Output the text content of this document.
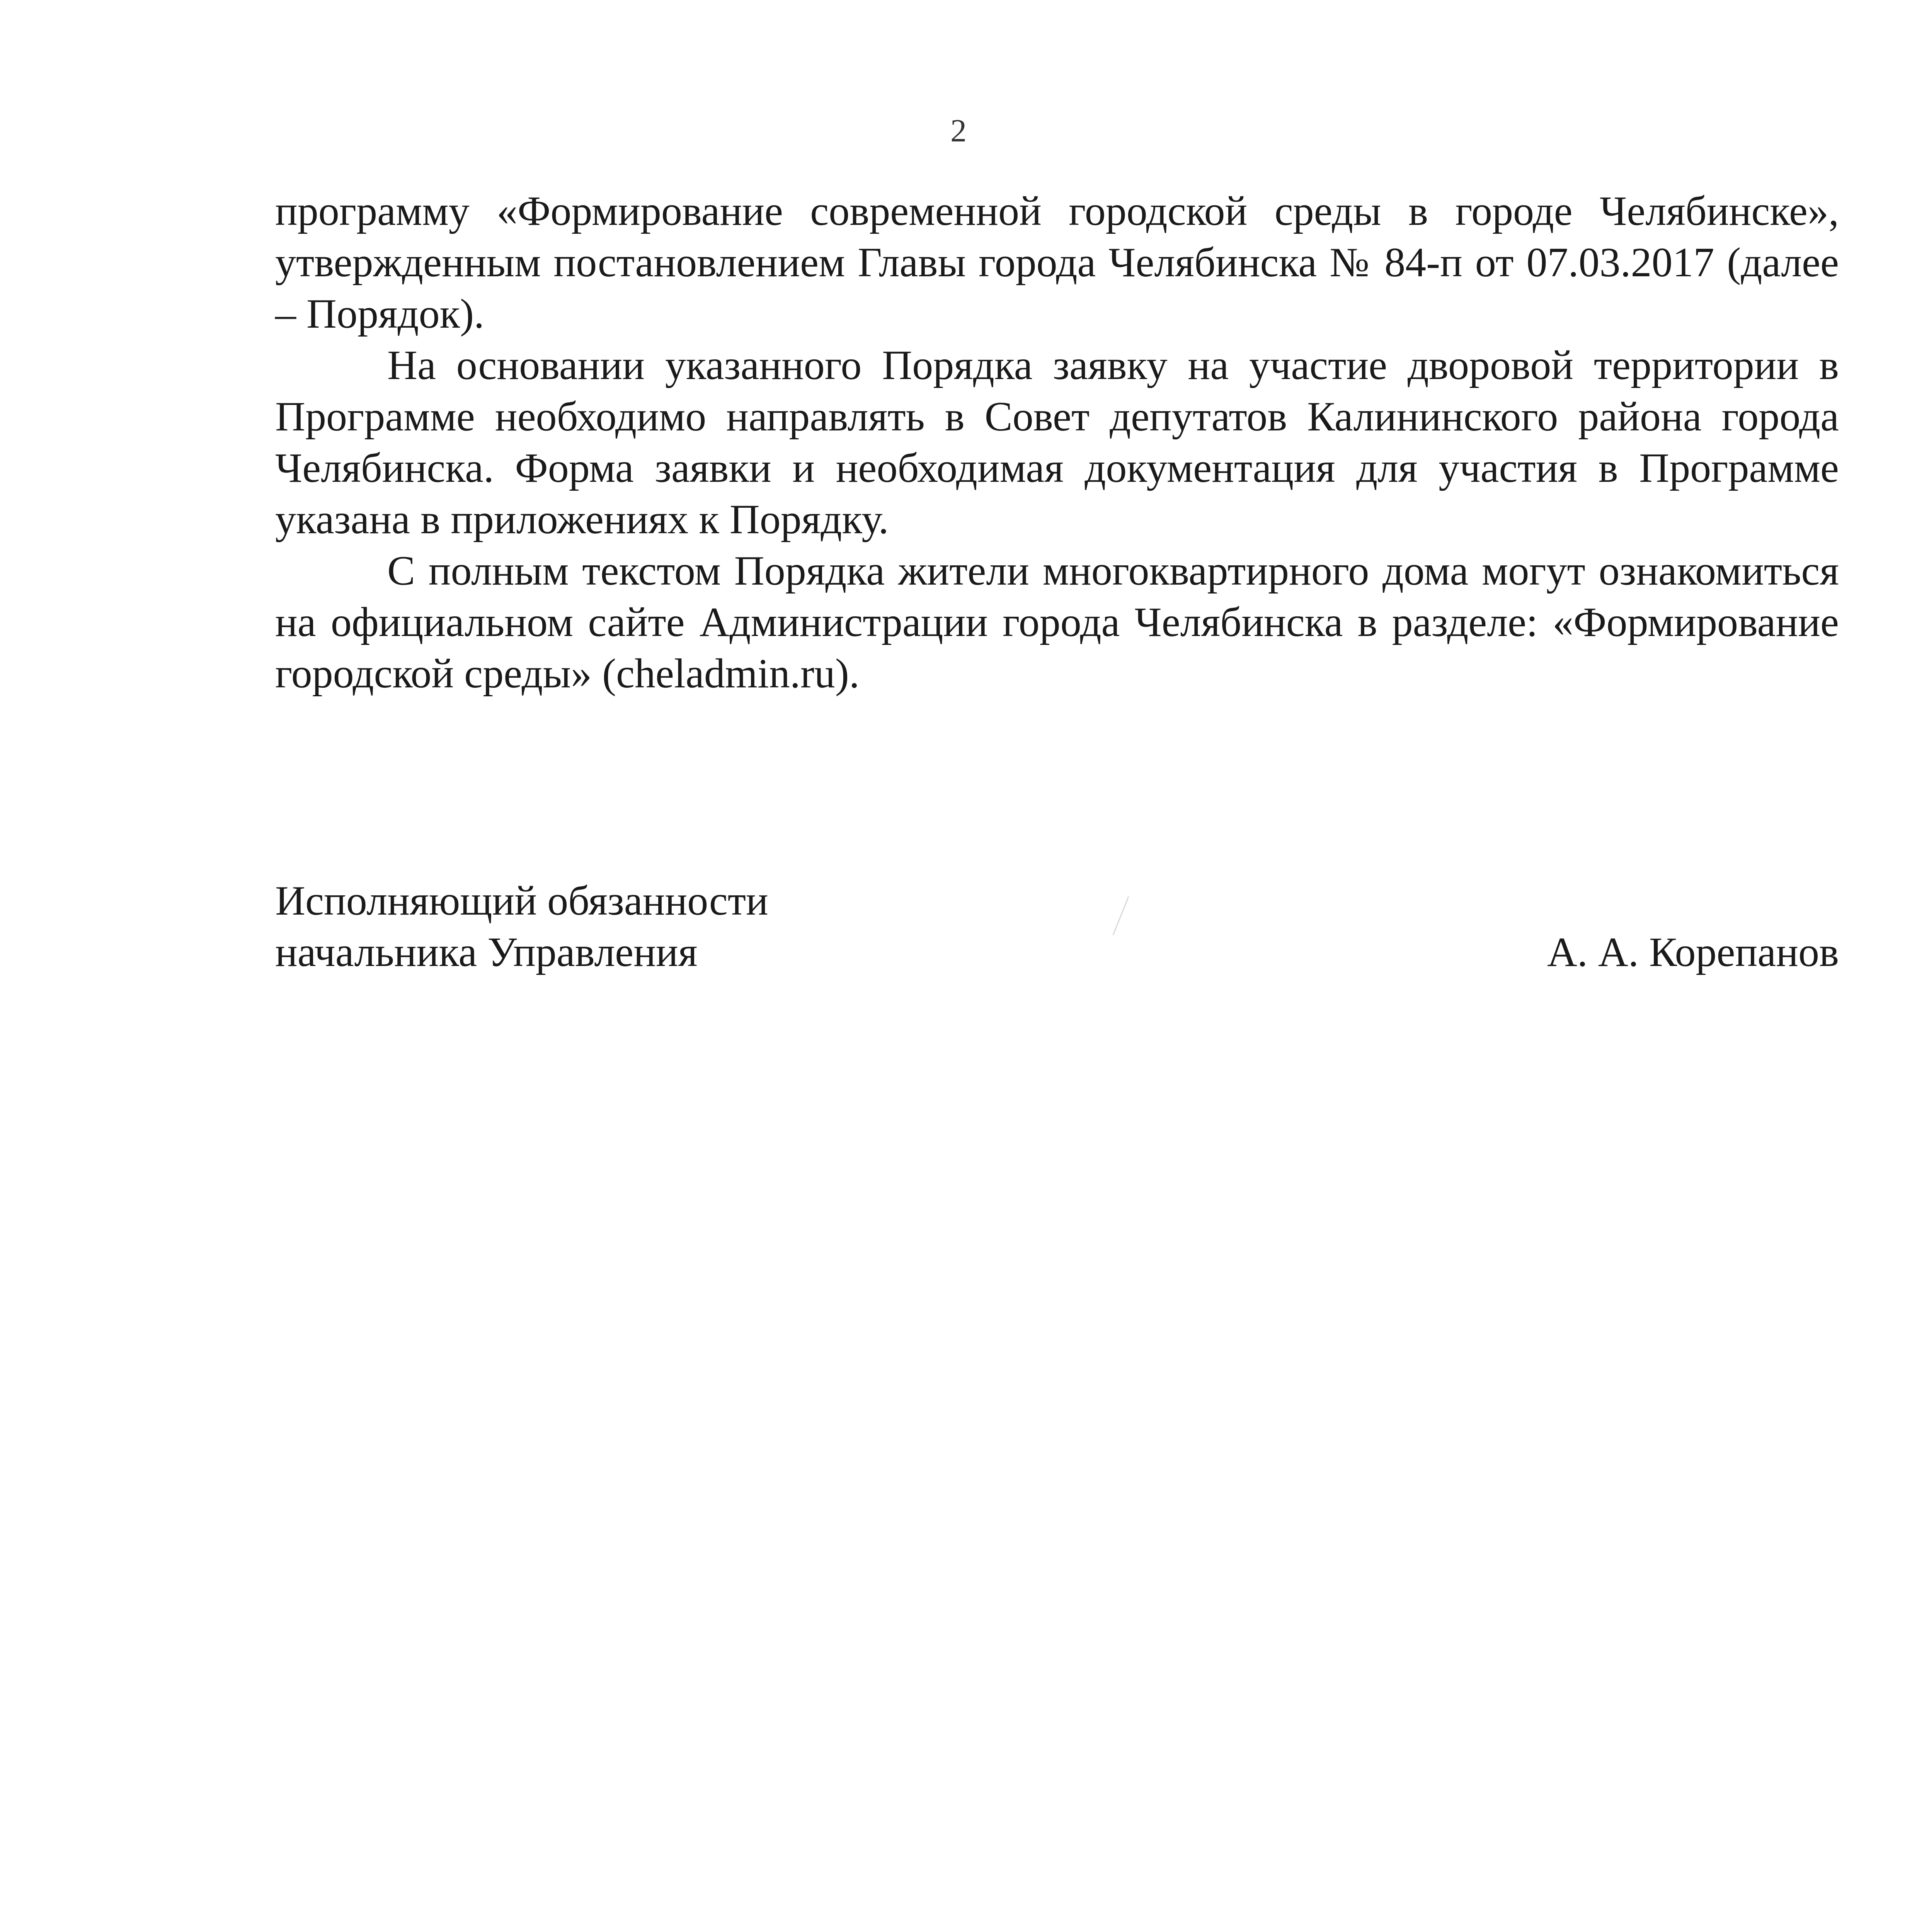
2

программу «Формирование современной городской среды в городе Челябинске», утвержденным постановлением Главы города Челябинска № 84-п от 07.03.2017 (далее – Порядок).

На основании указанного Порядка заявку на участие дворовой территории в Программе необходимо направлять в Совет депутатов Калининского района города Челябинска. Форма заявки и необходимая документация для участия в Программе указана в приложениях к Порядку.

С полным текстом Порядка жители многоквартирного дома могут ознакомиться на официальном сайте Администрации города Челябинска в разделе: «Формирование городской среды» (cheladmin.ru).

Исполняющий обязанности
начальника Управления	А. А. Корепанов
